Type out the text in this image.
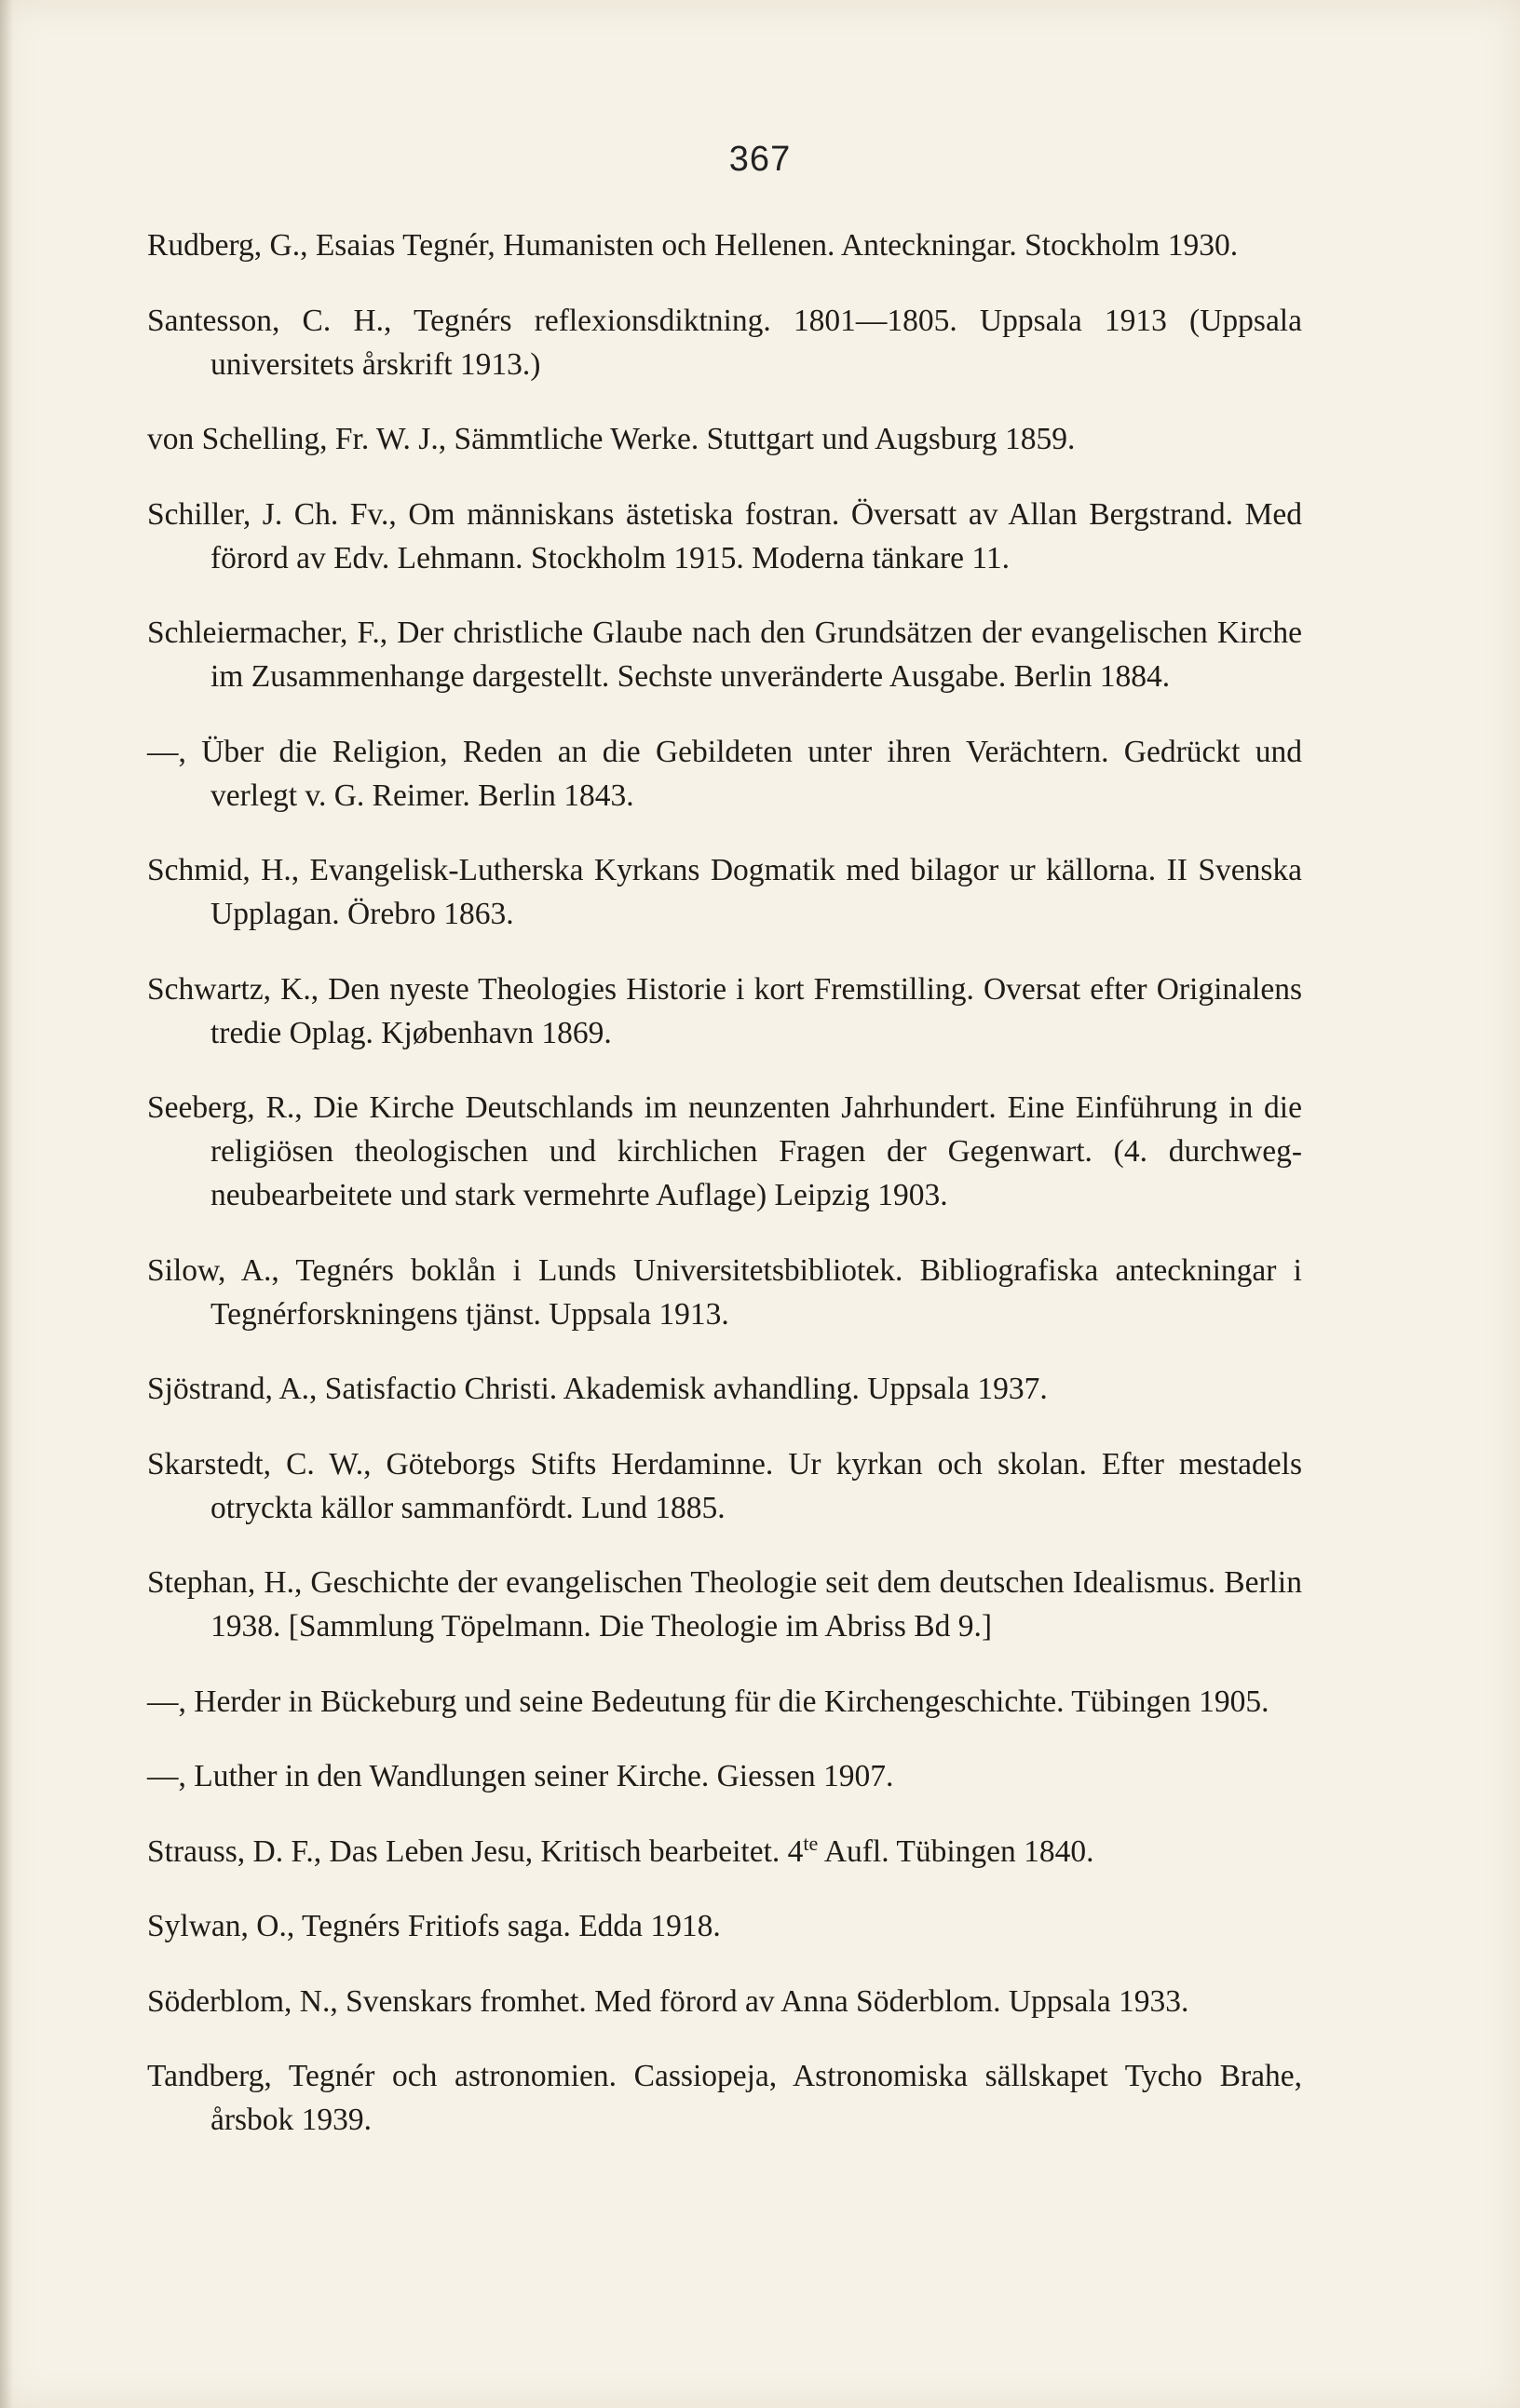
367

Rudberg, G., Esaias Tegnér, Humanisten och Hellenen. Anteckningar. Stockholm 1930.

Santesson, C. H., Tegnérs reflexionsdiktning. 1801—1805. Uppsala 1913 (Uppsala universitets årskrift 1913.)

von Schelling, Fr. W. J., Sämmtliche Werke. Stuttgart und Augsburg 1859.

Schiller, J. Ch. Fv., Om människans ästetiska fostran. Översatt av Allan Bergstrand. Med förord av Edv. Lehmann. Stockholm 1915. Moderna tänkare 11.

Schleiermacher, F., Der christliche Glaube nach den Grundsätzen der evangelischen Kirche im Zusammenhange dargestellt. Sechste unveränderte Ausgabe. Berlin 1884.

—, Über die Religion, Reden an die Gebildeten unter ihren Verächtern. Gedrückt und verlegt v. G. Reimer. Berlin 1843.

Schmid, H., Evangelisk-Lutherska Kyrkans Dogmatik med bilagor ur källorna. II Svenska Upplagan. Örebro 1863.

Schwartz, K., Den nyeste Theologies Historie i kort Fremstilling. Oversat efter Originalens tredie Oplag. Kjøbenhavn 1869.

Seeberg, R., Die Kirche Deutschlands im neunzenten Jahrhundert. Eine Einführung in die religiösen theologischen und kirchlichen Fragen der Gegenwart. (4. durchweg-neubearbeitete und stark vermehrte Auflage) Leipzig 1903.

Silow, A., Tegnérs boklån i Lunds Universitetsbibliotek. Bibliografiska anteckningar i Tegnérforskningens tjänst. Uppsala 1913.

Sjöstrand, A., Satisfactio Christi. Akademisk avhandling. Uppsala 1937.

Skarstedt, C. W., Göteborgs Stifts Herdaminne. Ur kyrkan och skolan. Efter mestadels otryckta källor sammanfördt. Lund 1885.

Stephan, H., Geschichte der evangelischen Theologie seit dem deutschen Idealismus. Berlin 1938. [Sammlung Töpelmann. Die Theologie im Abriss Bd 9.]

—, Herder in Bückeburg und seine Bedeutung für die Kirchengeschichte. Tübingen 1905.

—, Luther in den Wandlungen seiner Kirche. Giessen 1907.

Strauss, D. F., Das Leben Jesu, Kritisch bearbeitet. $4^{te}$ Aufl. Tübingen 1840.

Sylwan, O., Tegnérs Fritiofs saga. Edda 1918.

Söderblom, N., Svenskars fromhet. Med förord av Anna Söderblom. Uppsala 1933.

Tandberg, Tegnér och astronomien. Cassiopeja, Astronomiska sällskapet Tycho Brahe, årsbok 1939.
